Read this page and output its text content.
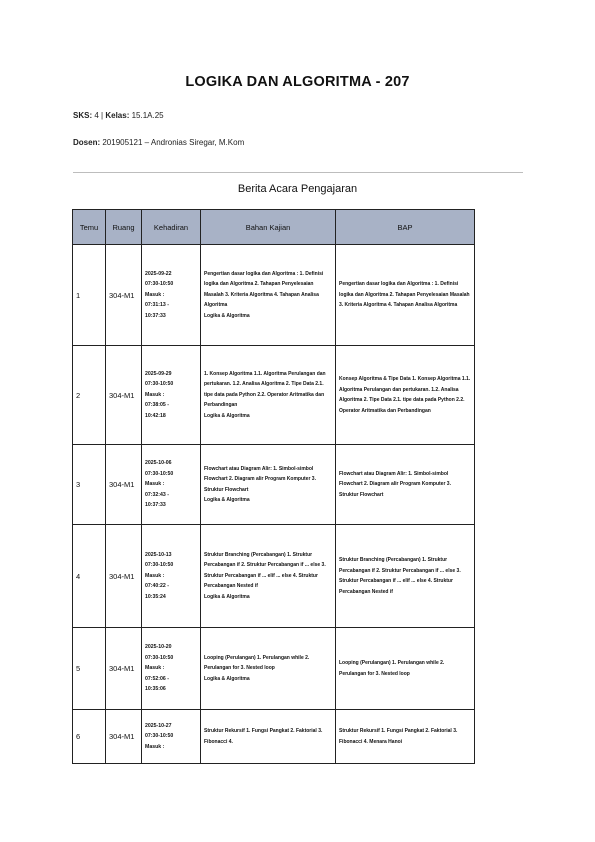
LOGIKA DAN ALGORITMA - 207
SKS: 4 | Kelas: 15.1A.25
Dosen: 201905121 – Andronias Siregar, M.Kom
Berita Acara Pengajaran
Temu	Ruang	Kehadiran	Bahan Kajian	BAP
1	304-M1	2025-09-22
07:30-10:50
Masuk :
07:31:13 -
10:37:33	Pengertian dasar logika dan Algoritma : 1. Definisi logika dan Algoritma 2. Tahapan Penyelesaian Masalah 3. Kriteria Algoritma 4. Tahapan Analisa Algoritma
Logika & Algoritma	Pengertian dasar logika dan Algoritma : 1. Definisi logika dan Algoritma 2. Tahapan Penyelesaian Masalah 3. Kriteria Algoritma 4. Tahapan Analisa Algoritma

2	304-M1	2025-09-29
07:30-10:50
Masuk :
07:38:05 -
10:42:18	1. Konsep Algoritma 1.1. Algoritma Perulangan dan pertukaran. 1.2. Analisa Algoritma 2. Tipe Data 2.1. tipe data pada Python 2.2. Operator Aritmatika dan Perbandingan
Logika & Algoritma	Konsep Algoritma & Tipe Data 1. Konsep Algoritma 1.1. Algoritma Perulangan dan pertukaran. 1.2. Analisa Algoritma 2. Tipe Data 2.1. tipe data pada Python 2.2. Operator Aritmatika dan Perbandingan

3	304-M1	2025-10-06
07:30-10:50
Masuk :
07:32:43 -
10:37:33	Flowchart atau Diagram Alir: 1. Simbol-simbol Flowchart 2. Diagram alir Program Komputer 3. Struktur Flowchart
Logika & Algoritma	Flowchart atau Diagram Alir: 1. Simbol-simbol Flowchart 2. Diagram alir Program Komputer 3. Struktur Flowchart

4	304-M1	2025-10-13
07:30-10:50
Masuk :
07:40:22 -
10:35:24	Struktur Branching (Percabangan) 1. Struktur Percabangan if 2. Struktur Percabangan if ... else 3. Struktur Percabangan if ... elif ... else 4. Struktur Percabangan Nested if
Logika & Algoritma	Struktur Branching (Percabangan) 1. Struktur Percabangan if 2. Struktur Percabangan if ... else 3. Struktur Percabangan if ... elif ... else 4. Struktur Percabangan Nested if

5	304-M1	2025-10-20
07:30-10:50
Masuk :
07:52:06 -
10:35:06	Looping (Perulangan) 1. Perulangan while 2. Perulangan for 3. Nested loop
Logika & Algoritma	Looping (Perulangan) 1. Perulangan while 2. Perulangan for 3. Nested loop

6	304-M1	2025-10-27
07:30-10:50
Masuk :	Struktur Rekursif 1. Fungsi Pangkat 2. Faktorial 3. Fibonacci 4.	Struktur Rekursif 1. Fungsi Pangkat 2. Faktorial 3. Fibonacci 4. Menara Hanoi
